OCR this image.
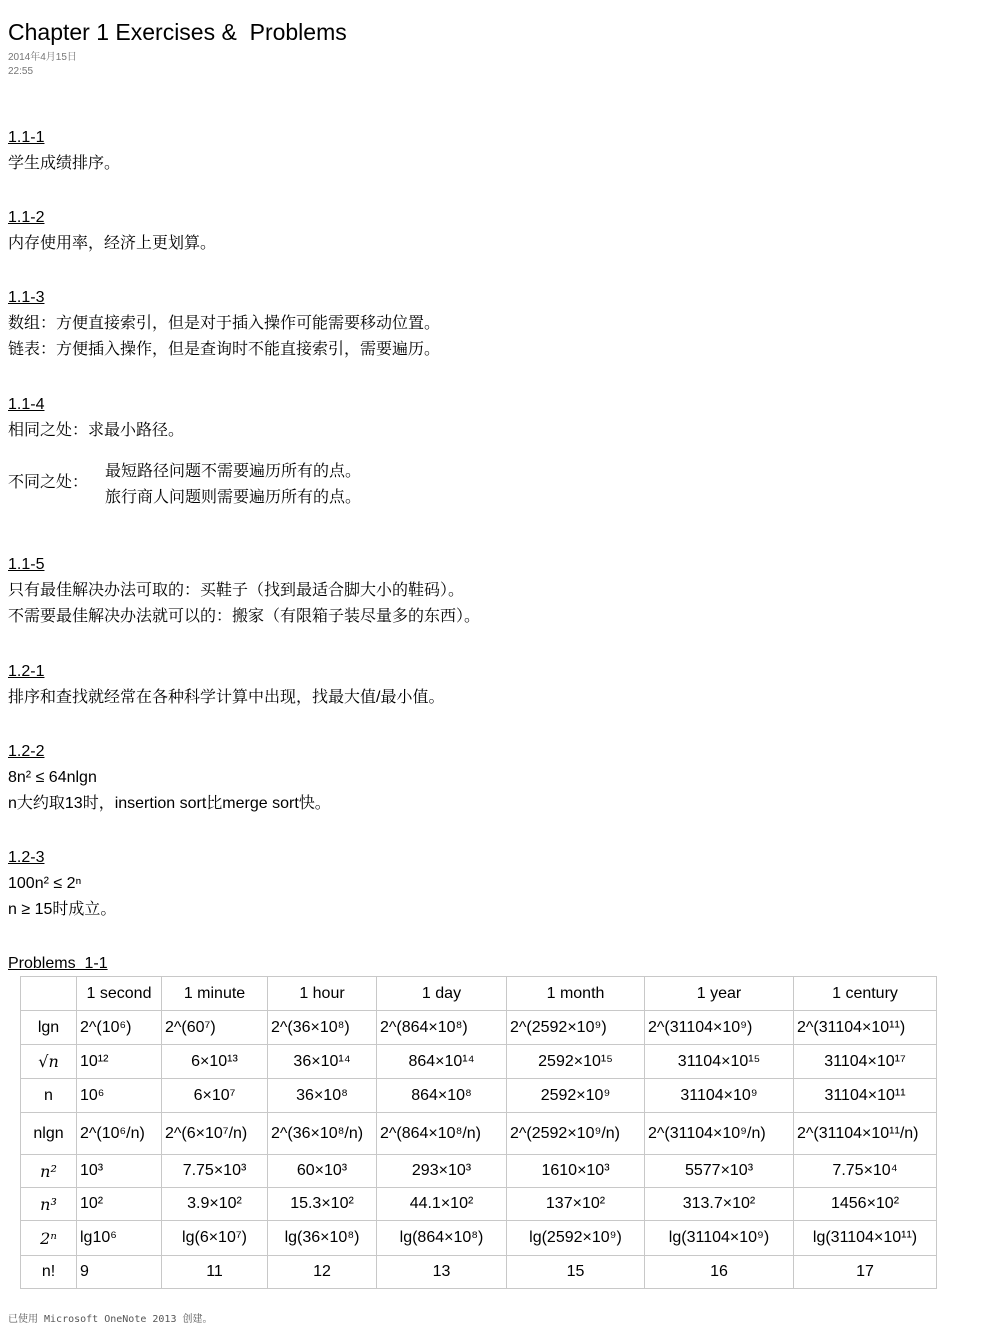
Chapter 1 Exercises &  Problems
2014年4月15日
22:55
1.1-1
学生成绩排序。
1.1-2
内存使用率，经济上更划算。
1.1-3
数组：方便直接索引，但是对于插入操作可能需要移动位置。
链表：方便插入操作，但是查询时不能直接索引，需要遍历。
1.1-4
相同之处：求最小路径。
不同之处：
最短路径问题不需要遍历所有的点。
旅行商人问题则需要遍历所有的点。
1.1-5
只有最佳解决办法可取的：买鞋子（找到最适合脚大小的鞋码）。
不需要最佳解决办法就可以的：搬家（有限箱子装尽量多的东西）。
1.2-1
排序和查找就经常在各种科学计算中出现，找最大值/最小值。
1.2-2
8n² ≤ 64nlgn
n大约取13时，insertion sort比merge sort快。
1.2-3
100n² ≤ 2ⁿ
n ≥ 15时成立。
Problems  1-1
	1 second	1 minute	1 hour	1 day	1 month	1 year	1 century
lgn	2^(10⁶)	2^(60⁷)	2^(36×10⁸)	2^(864×10⁸)	2^(2592×10⁹)	2^(31104×10⁹)	2^(31104×10¹¹)
√n	10¹²	6×10¹³	36×10¹⁴	864×10¹⁴	2592×10¹⁵	31104×10¹⁵	31104×10¹⁷
n	10⁶	6×10⁷	36×10⁸	864×10⁸	2592×10⁹	31104×10⁹	31104×10¹¹
nlgn	2^(10⁶/n)	2^(6×10⁷/n)	2^(36×10⁸/n)	2^(864×10⁸/n)	2^(2592×10⁹/n)	2^(31104×10⁹/n)	2^(31104×10¹¹/n)
n²	10³	7.75×10³	60×10³	293×10³	1610×10³	5577×10³	7.75×10⁴
n³	10²	3.9×10²	15.3×10²	44.1×10²	137×10²	313.7×10²	1456×10²
2ⁿ	lg10⁶	lg(6×10⁷)	lg(36×10⁸)	lg(864×10⁸)	lg(2592×10⁹)	lg(31104×10⁹)	lg(31104×10¹¹)
n!	9	11	12	13	15	16	17
已使用 Microsoft OneNote 2013 创建。
